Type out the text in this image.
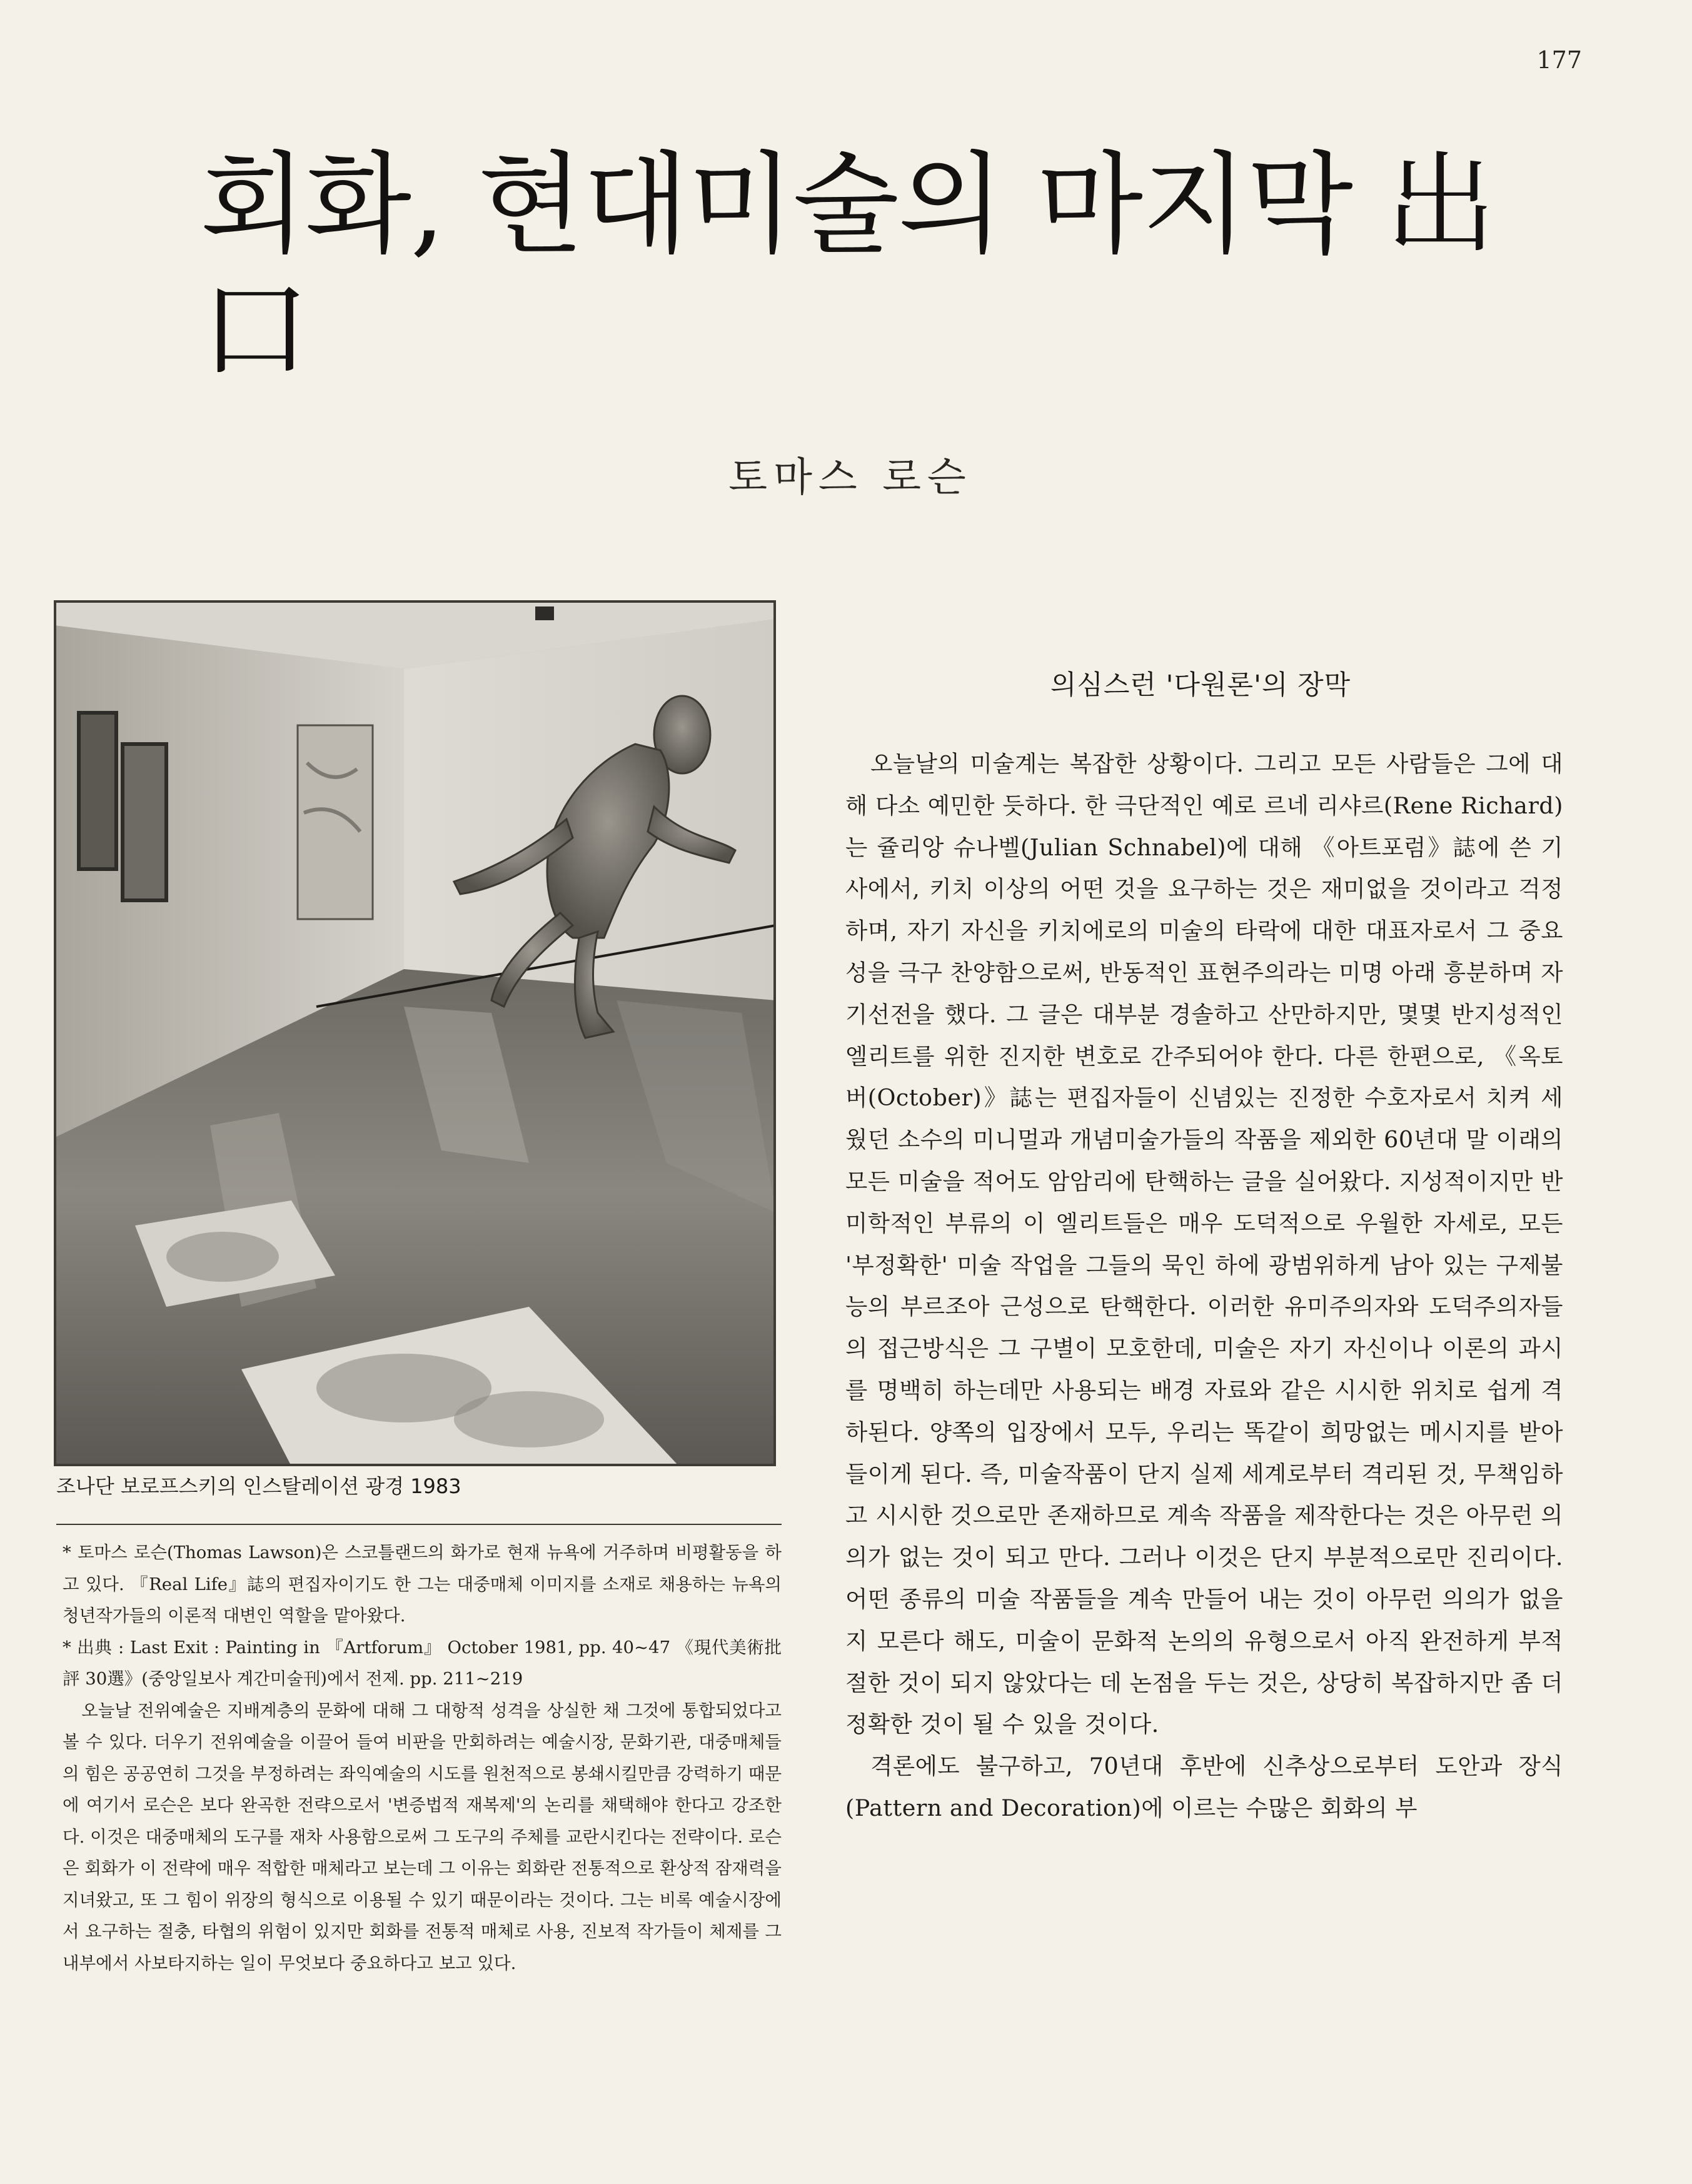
177
회화, 현대미술의 마지막 出口
토마스 로슨
조나단 보로프스키의 인스탈레이션 광경 1983

* 토마스 로슨(Thomas Lawson)은 스코틀랜드의 화가로 현재 뉴욕에 거주하며 비평활동을 하고 있다. 『Real Life』誌의 편집자이기도 한 그는 대중매체 이미지를 소재로 채용하는 뉴욕의 청년작가들의 이론적 대변인 역할을 맡아왔다.

* 出典 : Last Exit : Painting in 『Artforum』 October 1981, pp. 40~47 《現代美術批評 30選》(중앙일보사 계간미술刊)에서 전제. pp. 211~219

오늘날 전위예술은 지배계층의 문화에 대해 그 대항적 성격을 상실한 채 그것에 통합되었다고 볼 수 있다. 더우기 전위예술을 이끌어 들여 비판을 만회하려는 예술시장, 문화기관, 대중매체들의 힘은 공공연히 그것을 부정하려는 좌익예술의 시도를 원천적으로 봉쇄시킬만큼 강력하기 때문에 여기서 로슨은 보다 완곡한 전략으로서 '변증법적 재복제'의 논리를 채택해야 한다고 강조한다. 이것은 대중매체의 도구를 재차 사용함으로써 그 도구의 주체를 교란시킨다는 전략이다. 로슨은 회화가 이 전략에 매우 적합한 매체라고 보는데 그 이유는 회화란 전통적으로 환상적 잠재력을 지녀왔고, 또 그 힘이 위장의 형식으로 이용될 수 있기 때문이라는 것이다. 그는 비록 예술시장에서 요구하는 절충, 타협의 위험이 있지만 회화를 전통적 매체로 사용, 진보적 작가들이 체제를 그 내부에서 사보타지하는 일이 무엇보다 중요하다고 보고 있다.

의심스런 '다원론'의 장막

오늘날의 미술계는 복잡한 상황이다. 그리고 모든 사람들은 그에 대해 다소 예민한 듯하다. 한 극단적인 예로 르네 리샤르(Rene Richard)는 쥴리앙 슈나벨(Julian Schnabel)에 대해 《아트포럼》誌에 쓴 기사에서, 키치 이상의 어떤 것을 요구하는 것은 재미없을 것이라고 걱정하며, 자기 자신을 키치에로의 미술의 타락에 대한 대표자로서 그 중요성을 극구 찬양함으로써, 반동적인 표현주의라는 미명 아래 흥분하며 자기선전을 했다. 그 글은 대부분 경솔하고 산만하지만, 몇몇 반지성적인 엘리트를 위한 진지한 변호로 간주되어야 한다. 다른 한편으로, 《옥토버(October)》誌는 편집자들이 신념있는 진정한 수호자로서 치켜 세웠던 소수의 미니멀과 개념미술가들의 작품을 제외한 60년대 말 이래의 모든 미술을 적어도 암암리에 탄핵하는 글을 실어왔다. 지성적이지만 반미학적인 부류의 이 엘리트들은 매우 도덕적으로 우월한 자세로, 모든 '부정확한' 미술 작업을 그들의 묵인 하에 광범위하게 남아 있는 구제불능의 부르조아 근성으로 탄핵한다. 이러한 유미주의자와 도덕주의자들의 접근방식은 그 구별이 모호한데, 미술은 자기 자신이나 이론의 과시를 명백히 하는데만 사용되는 배경 자료와 같은 시시한 위치로 쉽게 격하된다. 양쪽의 입장에서 모두, 우리는 똑같이 희망없는 메시지를 받아들이게 된다. 즉, 미술작품이 단지 실제 세계로부터 격리된 것, 무책임하고 시시한 것으로만 존재하므로 계속 작품을 제작한다는 것은 아무런 의의가 없는 것이 되고 만다. 그러나 이것은 단지 부분적으로만 진리이다. 어떤 종류의 미술 작품들을 계속 만들어 내는 것이 아무런 의의가 없을지 모른다 해도, 미술이 문화적 논의의 유형으로서 아직 완전하게 부적절한 것이 되지 않았다는 데 논점을 두는 것은, 상당히 복잡하지만 좀 더 정확한 것이 될 수 있을 것이다.

격론에도 불구하고, 70년대 후반에 신추상으로부터 도안과 장식(Pattern and Decoration)에 이르는 수많은 회화의 부
